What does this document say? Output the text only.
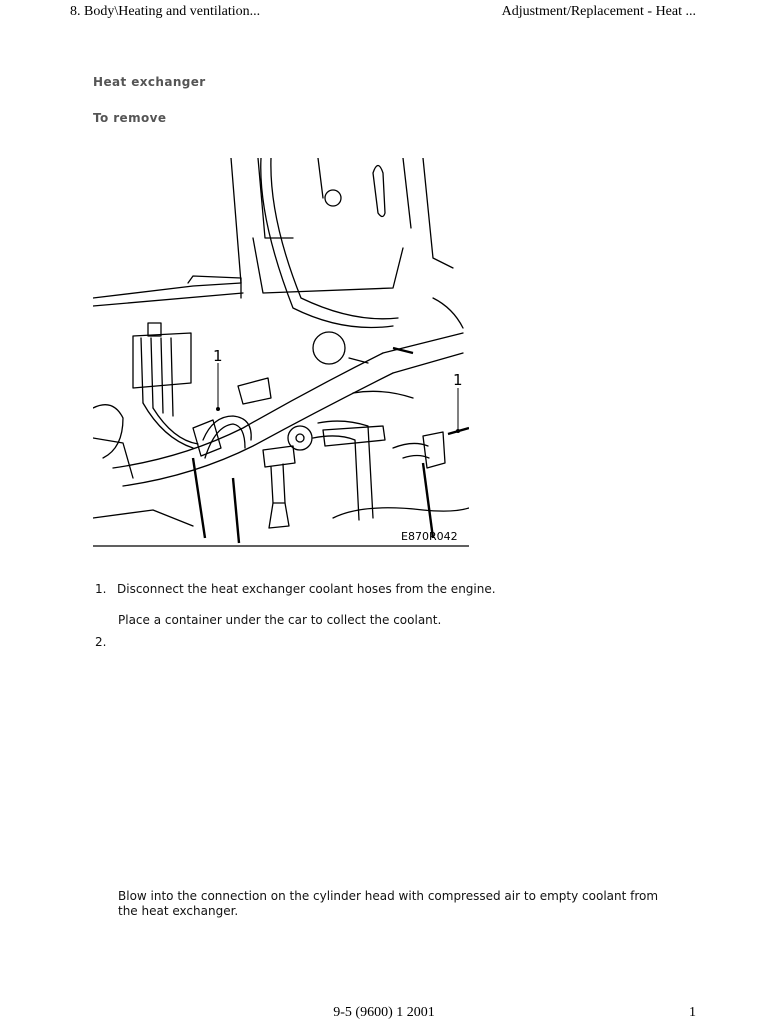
8. Body\Heating and ventilation...	Adjustment/Replacement - Heat ...
Heat exchanger
To remove
1
1
E870R042
1. Disconnect the heat exchanger coolant hoses from the engine.
Place a container under the car to collect the coolant.
2.
Blow into the connection on the cylinder head with compressed air to empty coolant from the heat exchanger.
9-5 (9600) 1 2001	1
